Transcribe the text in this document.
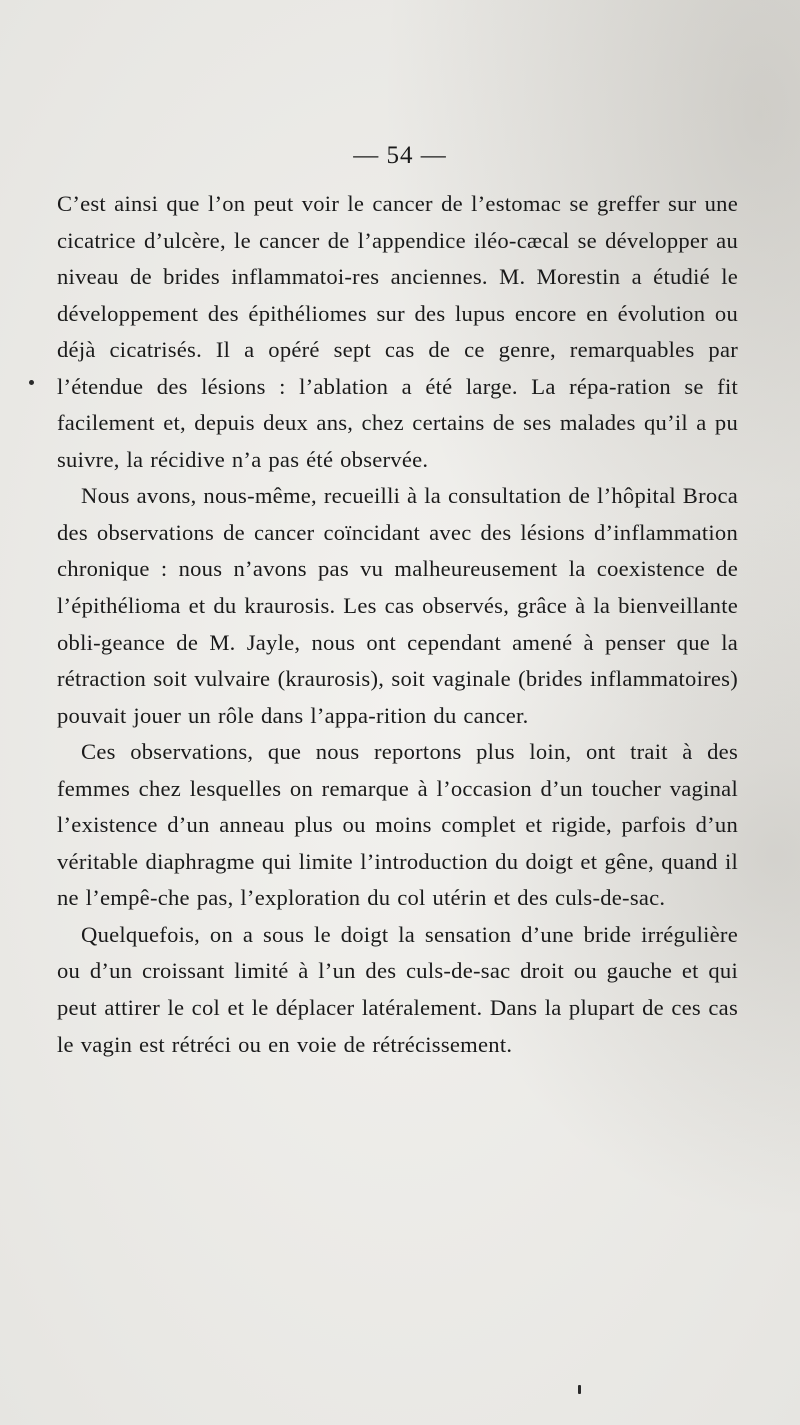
— 54 —

C’est ainsi que l’on peut voir le cancer de l’estomac se greffer sur une cicatrice d’ulcère, le cancer de l’appendice iléo-cæcal se développer au niveau de brides inflammatoi-res anciennes. M. Morestin a étudié le développement des épithéliomes sur des lupus encore en évolution ou déjà cicatrisés. Il a opéré sept cas de ce genre, remarquables par l’étendue des lésions : l’ablation a été large. La répa-ration se fit facilement et, depuis deux ans, chez certains de ses malades qu’il a pu suivre, la récidive n’a pas été observée.

Nous avons, nous-même, recueilli à la consultation de l’hôpital Broca des observations de cancer coïncidant avec des lésions d’inflammation chronique : nous n’avons pas vu malheureusement la coexistence de l’épithélioma et du kraurosis. Les cas observés, grâce à la bienveillante obli-geance de M. Jayle, nous ont cependant amené à penser que la rétraction soit vulvaire (kraurosis), soit vaginale (brides inflammatoires) pouvait jouer un rôle dans l’appa-rition du cancer.

Ces observations, que nous reportons plus loin, ont trait à des femmes chez lesquelles on remarque à l’occasion d’un toucher vaginal l’existence d’un anneau plus ou moins complet et rigide, parfois d’un véritable diaphragme qui limite l’introduction du doigt et gêne, quand il ne l’empê-che pas, l’exploration du col utérin et des culs-de-sac.

Quelquefois, on a sous le doigt la sensation d’une bride irrégulière ou d’un croissant limité à l’un des culs-de-sac droit ou gauche et qui peut attirer le col et le déplacer latéralement. Dans la plupart de ces cas le vagin est rétréci ou en voie de rétrécissement.
